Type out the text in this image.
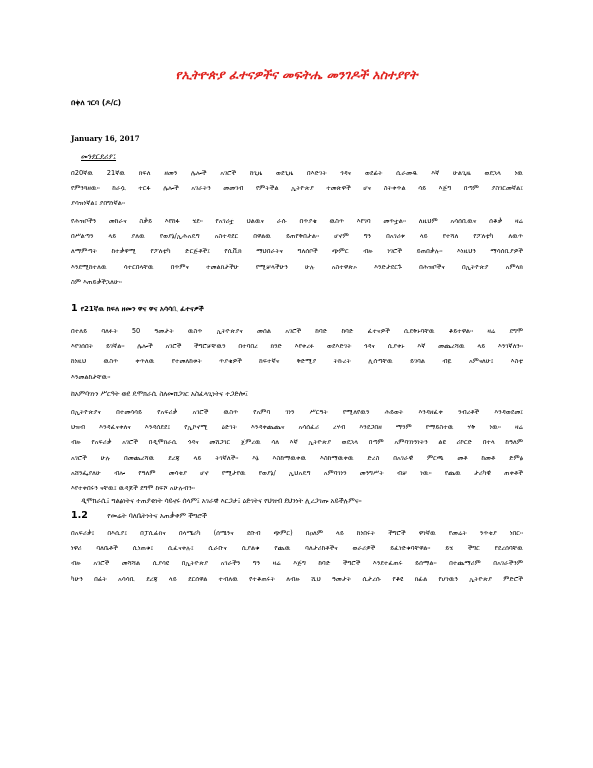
የኢትዮጵያ ፈተናዎችና መፍትሔ መንገዶች አስተያየት
በቀለ ገርባ (ዶ/ር)
January 16, 2017
መንደርደሪያ፤
በ20ኛዉ 21ኛዉ ክፍለ ዘመን ሌሎች አገሮች ከጊዜ ወደጊዜ በእድገት ጎዳና ወደፊት ሲራመዱ እኛ ሁልጊዜ ወደኋላ ነዉ
የምንጓዘዉ፡፡ ከራሷ ተርፋ ሌሎች አገራትን መመገብ የምትችል ኢትዮጵያ ተመጽዋች ሆና ስትቀጥል ሳይ እጅግ በጣም ያስገርመኛል፤
ያሳዝነኛል፤ ያበግነኛል፡፡
የሕዝቦችን መከራና ስቃይ እየከፋ ሄደ፡፡ የአገሪቷ ህልዉና ራሱ በጥያቄ ዉስጥ እየገባ መጥቷል፡፡ ለዚህም አሳሰቢዉና ሰቆቃ ዛሬ
በሥልጣን ላይ ያለዉ የወያኔ/ኢሕአዴግ አስተዳደር በዋልዉ ይጠየቅበታል፡፡ ሆኖም ግን በአገሪቱ ላይ የተሻለ የፖለቲካ ለዉጥ
ለማምጣት ከተቃዋሚ የፖለቲካ ድርጅቶች፤ የሲቪክ ማህበራትና ግለሰቦች ጭምር ብዙ ነገሮች ይጠበቃሉ፡፡ እነዚህን ማሳሰቢያዎች
እንደሚከተለዉ ሳተርበላቸዉ በጥምና ተመልክታችሁ የሚቻላችሁን ሁሉ አስተዋጽኦ እንድታደርጉ በሕዝቦችና በኢትዮጵያ አምላክ
ስም እጠይቃችኋለሁ፡፡
1 የ21ኛዉ ክፍለ ዘመን ዋና ዋና አሳሳቢ ፈተናዎች
በተለይ ባለፉት 50 ዓመታት ዉስጥ ኢትዮጵያና መሰል አገሮች ከባድ ከባድ ፈተናዎች ሲደቅኑባቸዉ ቆይተዋል፡፡ ዛሬ ደግሞ
እየገሰበት ይገኛል፡፡ ሌሎች አገሮች ችግሮቻቸዉን በተባበረ ክንድ እየቀረፉ ወደእድገት ጎዳና ሲያቀኑ እኛ መጨረሻዉ ላይ እንገኛለን፡፡
ከነዚህ ዉስጥ ቀጥለዉ የተመለከቱት ጥያቄዎች ከፍተኛና ቅድሚያ ትኩረት ሊሰጣቸዉ ይገባል ብዬ አምናለሁ፤ እስቲ
እንመልከታቸዉ፡፡
ከአምባገነን ሥርዓት ወደ ዴሞክራሲ ስለመሸጋገር አስፈላጊነትና ተጋድሎ፤
በኢትዮጵያና በተመሳሳይ የአፍሪቃ አገሮች ዉስጥ የአምባ ገነን ሥርዓት የሚለየዉን ሕይወት እንዳዘፈቀ ንብረቶች እንዳወደመ፤
ህዝብ እንዳፈናቀለና እንዳሰደደ፤ የኢኮኖሚ ዕድገት እንዳቀጨጨና አሳሰፈሪ ረሃብ እንደጋበዘ ማንም የማይስተዉ ሃቅ ነዉ፡፡ ዛሬ
ብዙ የአፍሪቃ አገሮች በዲሞክራሲ ጎዳና መሸጋገር ጀምረዉ ሳለ እኛ ኢትዮጵያ ወደኋላ በጣም አምባገነንነትን ልዩ ሪኮርድ በተላ ከዓለም
አገሮች ሁሉ በመጨረሻዉ ደረጃ ላይ ትገኛለች፡፡ እኔ እስከማዉቀዉ እስከማዉቀዉ ድረስ በአገራዊ ምርጫ መቶ ከመቶ ድምፅ
አሸንፌያለሁ ብሎ የዓለም መሳቂያ ሆኖ የሚታየዉ የወያኔ/ ኢህአዴግ አምባገነን መንግሥት ብቻ ነዉ፡፡ የጨዉ ታሪካዊ ጠቀቶች
እየተቀበሩን ናቸዉ፤ ዉዳጆች ደግሞ ከፍሾ አሁሉብን፡፡
ዲሞክራሲ፤ ግልፅነትና ተጠያቂነት ሳይኖሩ ሰላም፤ አገራዊ እርጋታ፤ ዕድገትና የህዝብ ደህንነት ሊረጋገጡ አይችሉምና፡፡
1.2	የመሬት ባለቤትነትና አጠቃቀም ችግሮች
በአፍሪቃ፤ በእሲያ፤ በፓሲፊክና በላሜሪካ (ሰሜንና ደቡብ ጭምር) በዐለም ላይ ከነበሩት ችግሮች ዋነኛዉ የመሬት ንጥቂያ ነበር፡፡
ነዋሪ ባለቤቶች ሲነጠቁ፤ ሲፈናቀሉ፤ ሲራቡና ሲያልቁ የጨዉ ባለታሪከቶችና ወራሪዎች ይፈነድቁባቸዋል፡፡ ይሄ ችግር የደረሰባቸዉ
ብዙ አገሮች መሻሻል ሲያሳዩ በኢትዮጵያ አገራችን ግን ዛሬ እጅግ ከባድ ችግሮች እንደተፈጠሩ ይሰማል፡፡ በተጨማሪም በአገራችንም
ካሁን በፊት አሳሳቢ ደረጃ ላይ ደርሰዋል ተብለዉ የተቆጠሩት ለብዙ ሺህ ዓመታት ሲታረሱ የቆዩ ክፊል የሆነዉን ኢትዮጵያ ምድሮች
